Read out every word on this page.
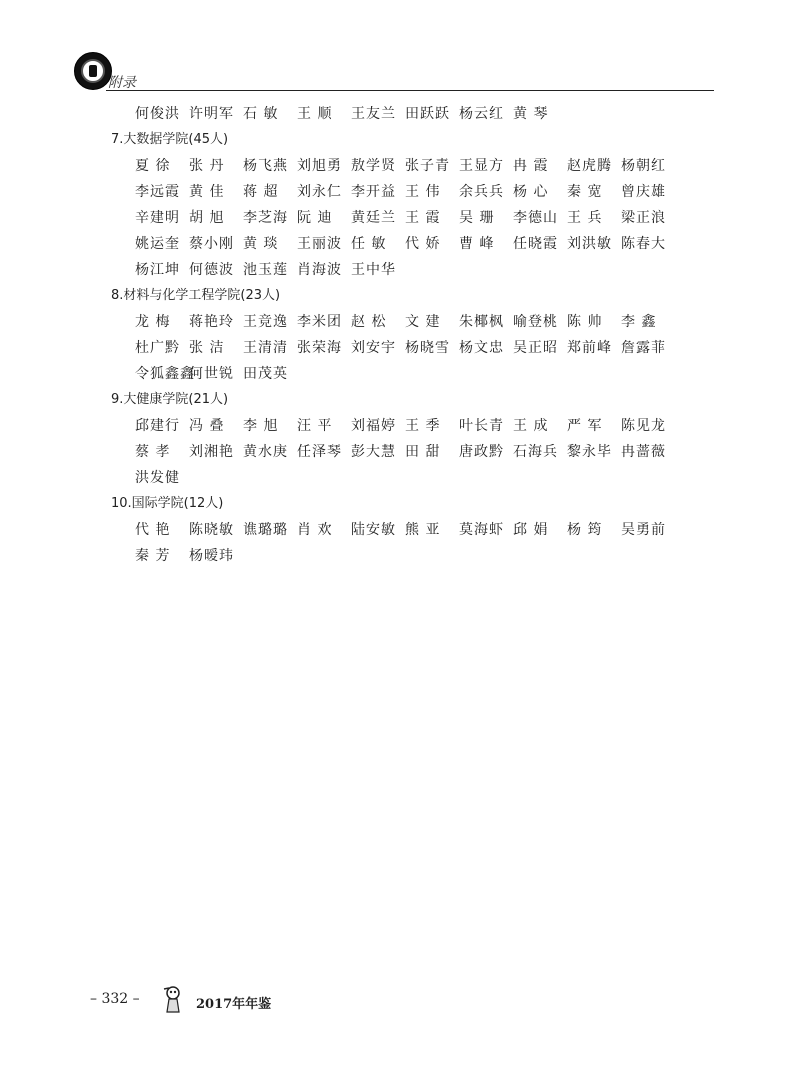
附录
何俊洪 许明军 石 敏 王 顺 王友兰 田跃跃 杨云红 黄 琴
7.大数据学院(45人)
夏 徐 张 丹 杨飞燕 刘旭勇 敖学贤 张子青 王显方 冉 霞 赵虎腾 杨朝红
李远霞 黄 佳 蒋 超 刘永仁 李开益 王 伟 余兵兵 杨 心 秦 宽 曾庆雄
辛建明 胡 旭 李芝海 阮 迪 黄廷兰 王 霞 吴 珊 李德山 王 兵 梁正浪
姚运奎 蔡小刚 黄 琰 王丽波 任 敏 代 娇 曹 峰 任晓霞 刘洪敏 陈春大
杨江坤 何德波 池玉莲 肖海波 王中华
8.材料与化学工程学院(23人)
龙 梅 蒋艳玲 王竞逸 李米团 赵 松 文 建 朱椰枫 喻登桃 陈 帅 李 鑫
杜广黔 张 洁 王清清 张荣海 刘安宇 杨晓雪 杨文忠 吴正昭 郑前峰 詹露菲
令狐鑫鑫何世锐 田茂英
9.大健康学院(21人)
邱建行 冯 叠 李 旭 汪 平 刘福婷 王 季 叶长青 王 成 严 军 陈见龙
蔡 孝 刘湘艳 黄水庚 任泽琴 彭大慧 田 甜 唐政黔 石海兵 黎永毕 冉蔷薇
洪发健
10.国际学院(12人)
代 艳 陈晓敏 谯璐璐 肖 欢 陆安敏 熊 亚 莫海虾 邱 娟 杨 筠 吴勇前
秦 芳 杨暧玮
– 332 –	2017年年鉴
